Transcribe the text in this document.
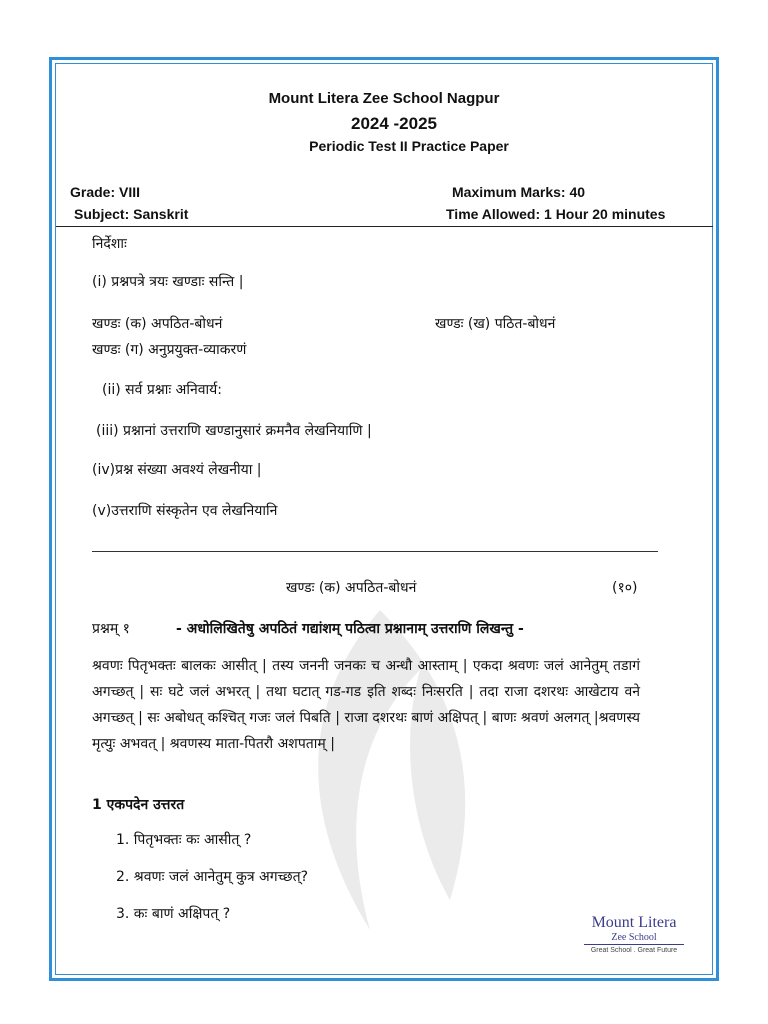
Mount Litera Zee School Nagpur
2024 -2025
Periodic Test II Practice Paper
Grade: VIII	Maximum Marks: 40
Subject: Sanskrit	Time Allowed: 1 Hour 20 minutes
निर्देशाः
(i) प्रश्नपत्रे त्रयः खण्डाः सन्ति |
खण्डः (क) अपठित-बोधनं	खण्डः (ख) पठित-बोधनं
खण्डः (ग) अनुप्रयुक्त-व्याकरणं
(ii) सर्व प्रश्नाः अनिवार्य:
(iii) प्रश्नानां उत्तराणि खण्डानुसारं क्रमनैव लेखनियाणि |
(iv)प्रश्न संख्या अवश्यं लेखनीया |
(v)उत्तराणि संस्कृतेन एव लेखनियानि
खण्डः (क) अपठित-बोधनं	(१०)
प्रश्नम् १	- अधोलिखितेषु अपठितं गद्यांशम् पठित्वा प्रश्नानाम् उत्तराणि लिखन्तु -
श्रवणः पितृभक्तः बालकः आसीत् | तस्य जननी जनकः च अन्धौ आस्ताम् | एकदा श्रवणः जलं आनेतुम् तडागं अगच्छत् | सः घटे जलं अभरत् | तथा घटात् गड-गड इति शब्दः निःसरति | तदा राजा दशरथः आखेटाय वने अगच्छत् | सः अबोधत् कश्चित् गजः जलं पिबति | राजा दशरथः बाणं अक्षिपत् | बाणः श्रवणं अलगत् |श्रवणस्य मृत्युः अभवत् | श्रवणस्य माता-पितरौ अशपताम् |
1 एकपदेन उत्तरत
1. पितृभक्तः कः आसीत् ?
2. श्रवणः जलं आनेतुम् कुत्र अगच्छत्?
3. कः बाणं अक्षिपत् ?	Mount Litera
Zee School
Great School . Great Future
